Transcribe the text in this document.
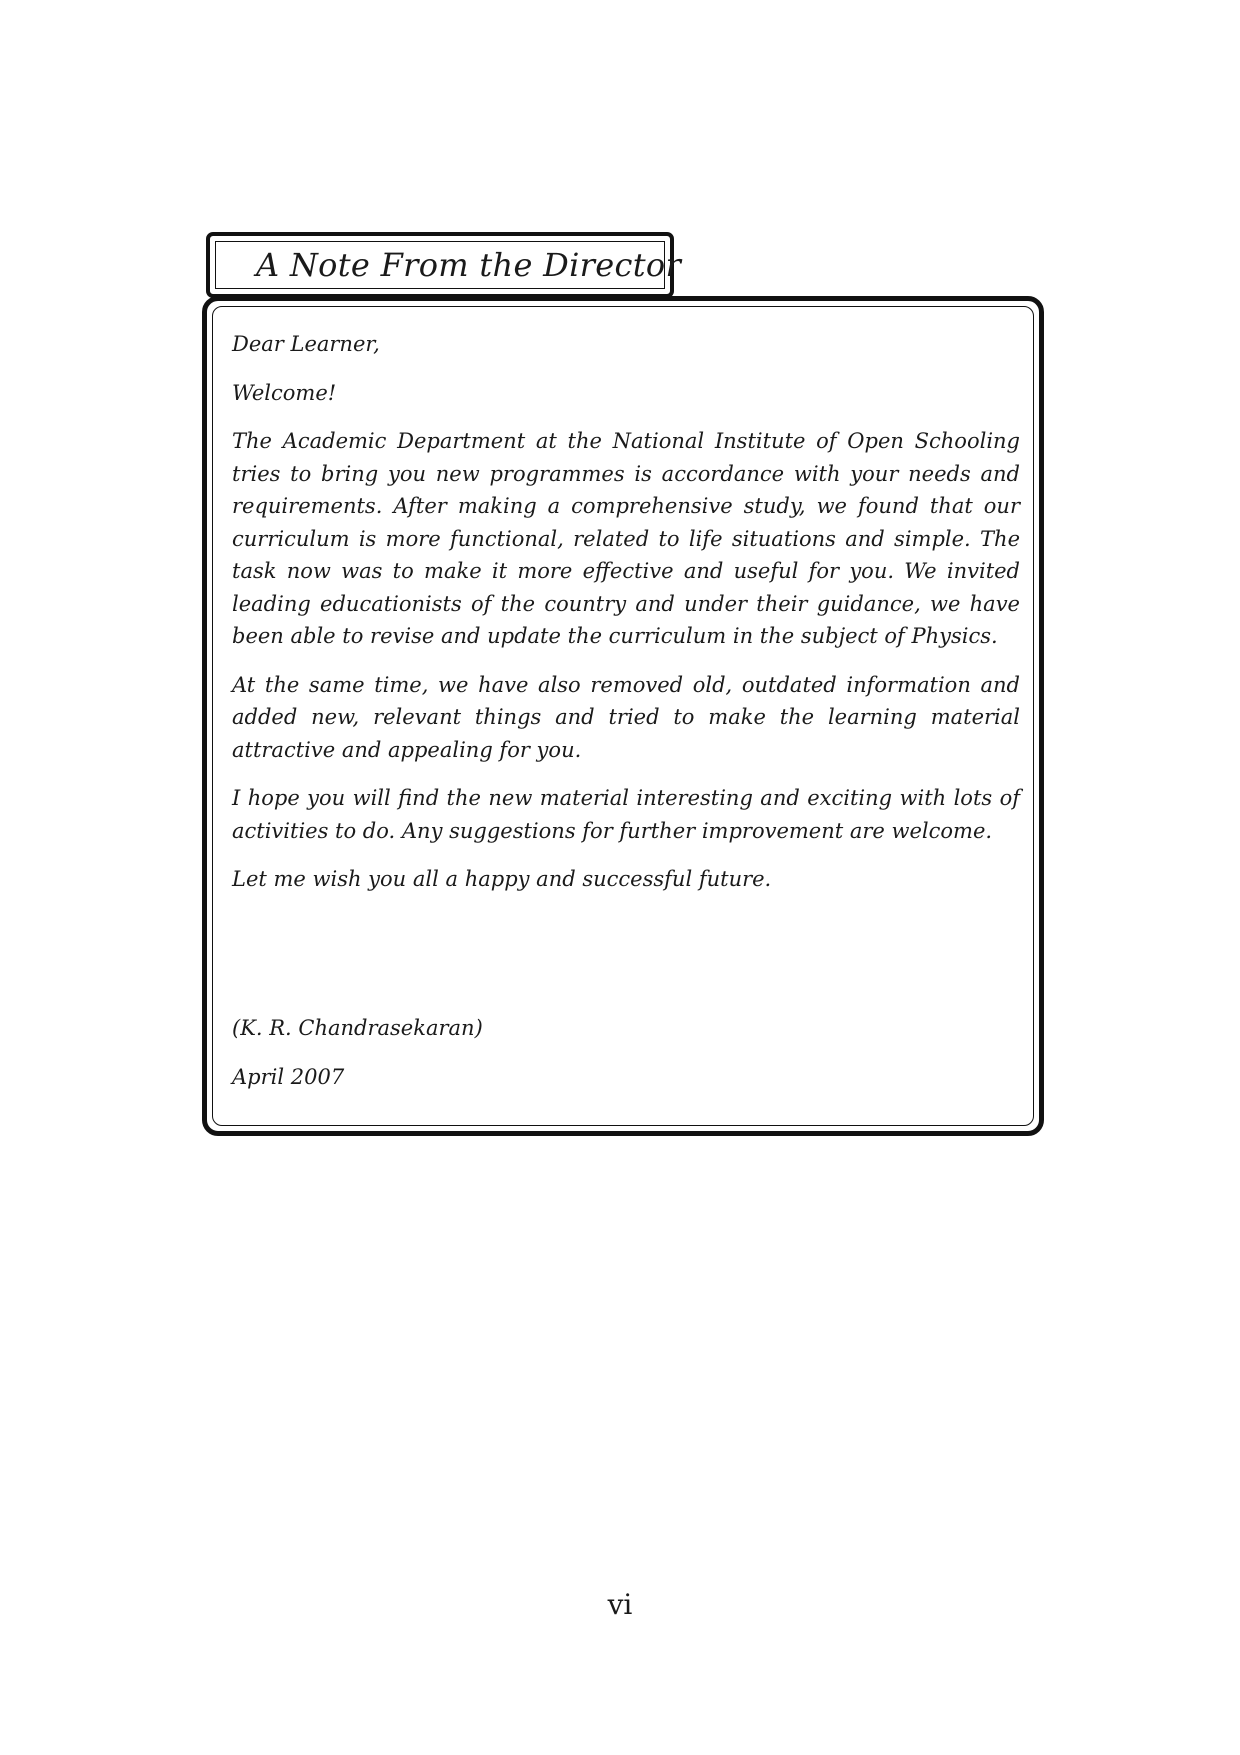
A Note From the Director

Dear Learner,

Welcome!

The Academic Department at the National Institute of Open Schooling tries to bring you new programmes is accordance with your needs and requirements. After making a comprehensive study, we found that our curriculum is more functional, related to life situations and simple. The task now was to make it more effective and useful for you. We invited leading educationists of the country and under their guidance, we have been able to revise and update the curriculum in the subject of Physics.

At the same time, we have also removed old, outdated information and added new, relevant things and tried to make the learning material attractive and appealing for you.

I hope you will find the new material interesting and exciting with lots of activities to do. Any suggestions for further improvement are welcome.

Let me wish you all a happy and successful future.

(K. R. Chandrasekaran)

April 2007

vi
